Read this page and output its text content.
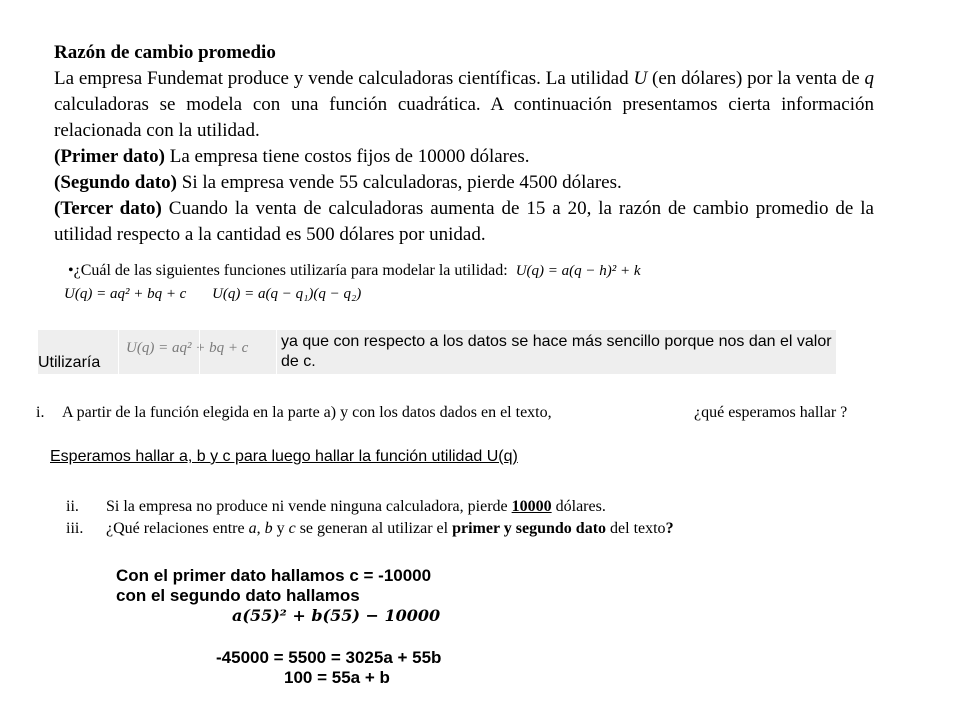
Razón de cambio promedio

La empresa Fundemat produce y vende calculadoras científicas. La utilidad U (en dólares) por la venta de q calculadoras se modela con una función cuadrática. A continuación presentamos cierta información relacionada con la utilidad.

(Primer dato) La empresa tiene costos fijos de 10000 dólares.

(Segundo dato) Si la empresa vende 55 calculadoras, pierde 4500 dólares.

(Tercer dato) Cuando la venta de calculadoras aumenta de 15 a 20, la razón de cambio promedio de la utilidad respecto a la cantidad es 500 dólares por unidad.

•¿Cuál de las siguientes funciones utilizaría para modelar la utilidad: U(q) = a(q − h)² + k
U(q) = aq² + bq + c U(q) = a(q − q₁)(q − q₂)
Utilizaría
U(q) = aq² + bq + c ya que con respecto a los datos se hace más sencillo porque nos dan el valor de c.
i. A partir de la función elegida en la parte a) y con los datos dados en el texto,	¿qué esperamos hallar ?
Esperamos hallar a, b y c para luego hallar la función utilidad U(q)
ii. Si la empresa no produce ni vende ninguna calculadora, pierde 10000 dólares.
iii. ¿Qué relaciones entre a, b y c se generan al utilizar el primer y segundo dato del texto?
Con el primer dato hallamos c = -10000
con el segundo dato hallamos
a(55)² + b(55) − 10000
-45000 = 5500 = 3025a + 55b
100 = 55a + b
